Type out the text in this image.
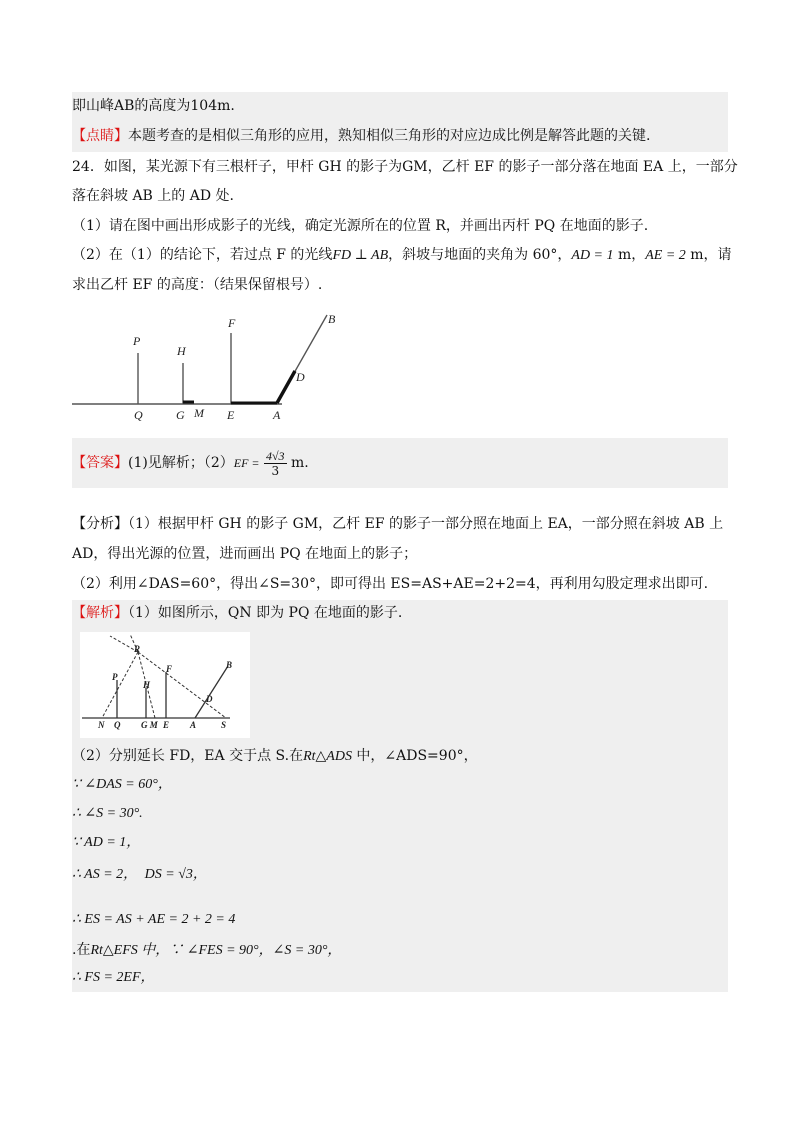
即山峰AB的高度为104m.
【点睛】本题考查的是相似三角形的应用，熟知相似三角形的对应边成比例是解答此题的关键.
24．如图，某光源下有三根杆子，甲杆 GH 的影子为GM，乙杆 EF 的影子一部分落在地面 EA 上，一部分
落在斜坡 AB 上的 AD 处.
（1）请在图中画出形成影子的光线，确定光源所在的位置 R，并画出丙杆 PQ 在地面的影子.
（2）在（1）的结论下，若过点 F 的光线FD ⊥ AB，斜坡与地面的夹角为 60°，AD = 1 m，AE = 2 m，请
求出乙杆 EF 的高度：（结果保留根号）.
P
H
F	B
D
Q	G M E	A
【答案】(1)见解析；$(2)EF = \frac{4√3}{3} m$.
【分析】（1）根据甲杆 GH 的影子 GM，乙杆 EF 的影子一部分照在地面上 EA，一部分照在斜坡 AB 上
AD，得出光源的位置，进而画出 PQ 在地面上的影子；
（2）利用∠DAS=60°，得出∠S=30°，即可得出 ES=AS+AE=2+2=4，再利用勾股定理求出即可.
【解析】（1）如图所示，QN 即为 PQ 在地面的影子.
R
P
H
F	B
D
N Q G M E A	S
（2）分别延长 FD，EA 交于点 S.在Rt△ADS 中，∠ADS=90°，
∵ ∠DAS = 60°，
∴ ∠S = 30°.
∵ AD = 1，
∴ AS = 2， DS = √3，
∴ ES = AS + AE = 2 + 2 = 4
.在Rt△EFS 中，∵ ∠FES = 90°，∠S = 30°，
∴ FS = 2EF，
